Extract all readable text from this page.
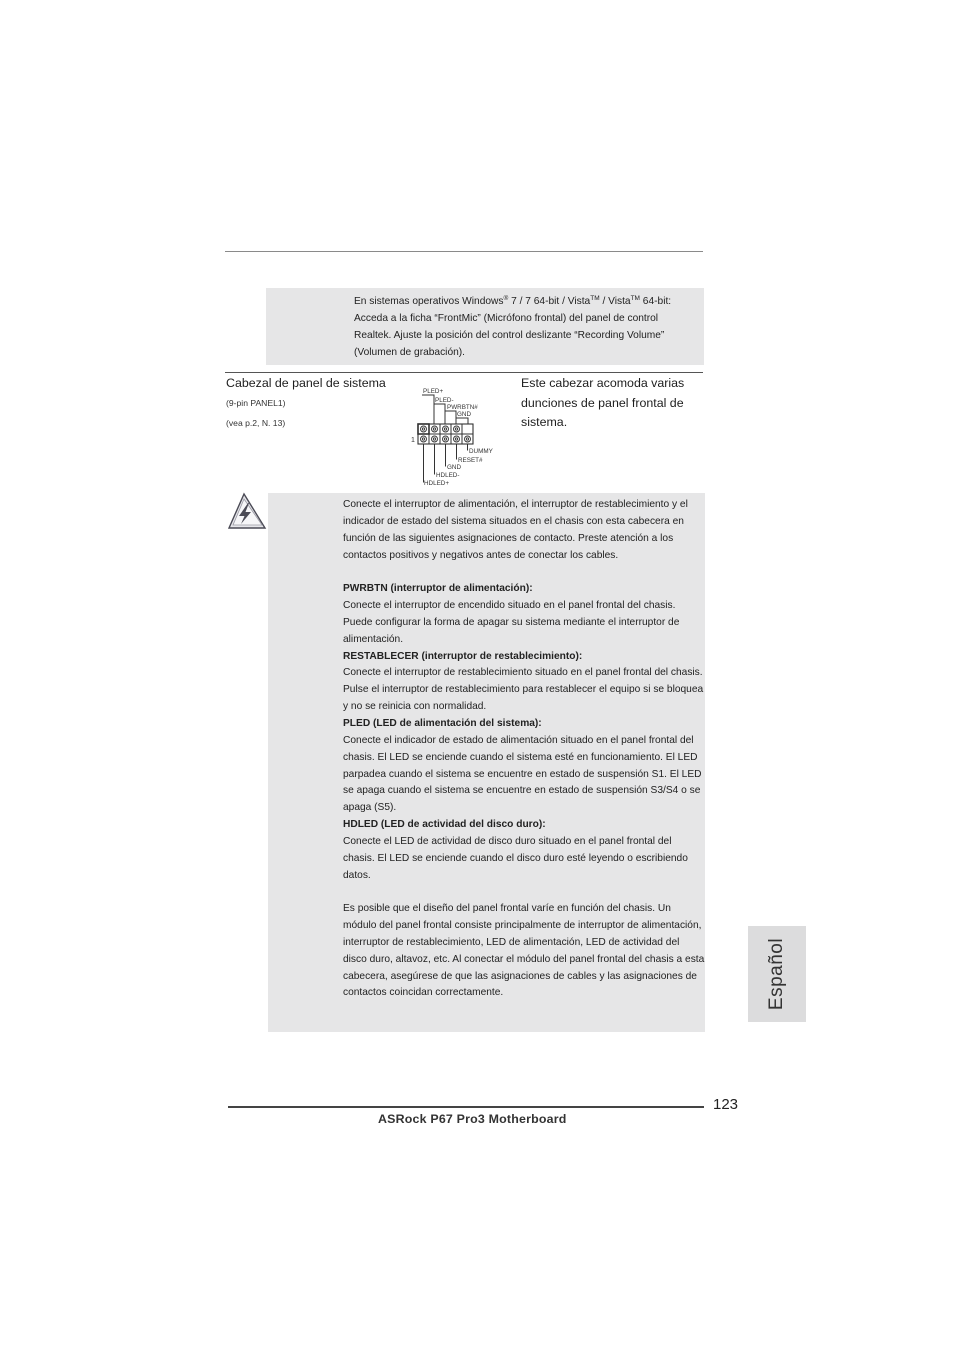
En sistemas operativos Windows® 7 / 7 64-bit / Vista™ / Vista™ 64-bit:
Acceda a la ficha “FrontMic” (Micrófono frontal) del panel de control
Realtek. Ajuste la posición del control deslizante “Recording Volume”
(Volumen de grabación).
Cabezal de panel de sistema
(9-pin PANEL1)
(vea p.2, N. 13)
PLED+
PLED-
PWRBTN#
GND
1
DUMMY
RESET#
GND
HDLED-
HDLED+
Este cabezar acomoda varias dunciones de panel frontal de sistema.

Conecte el interruptor de alimentación, el interruptor de restablecimiento y el indicador de estado del sistema situados en el chasis con esta cabecera en función de las siguientes asignaciones de contacto. Preste atención a los contactos positivos y negativos antes de conectar los cables.

PWRBTN (interruptor de alimentación):

Conecte el interruptor de encendido situado en el panel frontal del chasis. Puede configurar la forma de apagar su sistema mediante el interruptor de alimentación.

RESTABLECER (interruptor de restablecimiento):

Conecte el interruptor de restablecimiento situado en el panel frontal del chasis. Pulse el interruptor de restablecimiento para restablecer el equipo si se bloquea y no se reinicia con normalidad.

PLED (LED de alimentación del sistema):

Conecte el indicador de estado de alimentación situado en el panel frontal del chasis. El LED se enciende cuando el sistema esté en funcionamiento. El LED parpadea cuando el sistema se encuentre en estado de suspensión S1. El LED se apaga cuando el sistema se encuentre en estado de suspensión S3/S4 o se apaga (S5).

HDLED (LED de actividad del disco duro):

Conecte el LED de actividad de disco duro situado en el panel frontal del chasis. El LED se enciende cuando el disco duro esté leyendo o escribiendo datos.

Es posible que el diseño del panel frontal varíe en función del chasis. Un módulo del panel frontal consiste principalmente de interruptor de alimentación, interruptor de restablecimiento, LED de alimentación, LED de actividad del disco duro, altavoz, etc. Al conectar el módulo del panel frontal del chasis a esta cabecera, asegúrese de que las asignaciones de cables y las asignaciones de contactos coincidan correctamente.	Español
123
ASRock P67 Pro3 Motherboard
